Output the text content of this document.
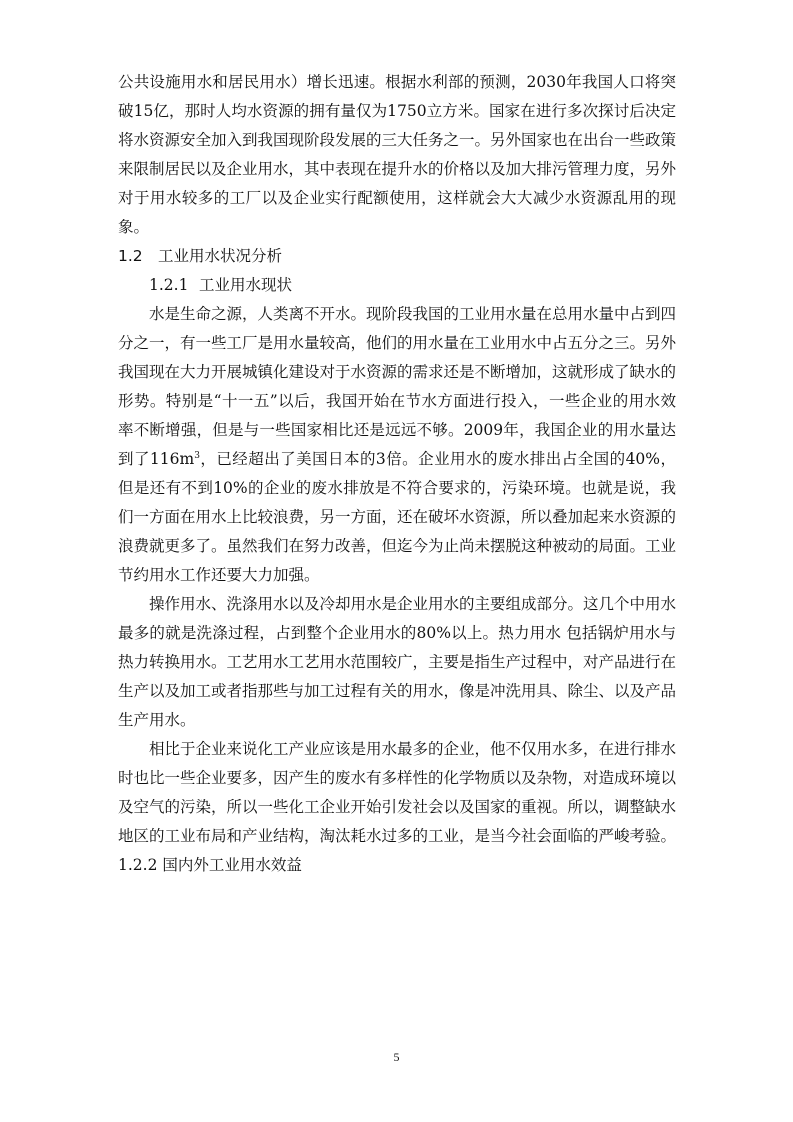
公共设施用水和居民用水）增长迅速。根据水利部的预测，2030年我国人口将突破15亿，那时人均水资源的拥有量仅为1750立方米。国家在进行多次探讨后决定将水资源安全加入到我国现阶段发展的三大任务之一。另外国家也在出台一些政策来限制居民以及企业用水，其中表现在提升水的价格以及加大排污管理力度，另外对于用水较多的工厂以及企业实行配额使用，这样就会大大减少水资源乱用的现象。

1.2 工业用水状况分析

1.2.1 工业用水现状

水是生命之源，人类离不开水。现阶段我国的工业用水量在总用水量中占到四分之一，有一些工厂是用水量较高，他们的用水量在工业用水中占五分之三。另外我国现在大力开展城镇化建设对于水资源的需求还是不断增加，这就形成了缺水的形势。特别是“十一五”以后，我国开始在节水方面进行投入，一些企业的用水效率不断增强，但是与一些国家相比还是远远不够。2009年，我国企业的用水量达到了$116m^3$，已经超出了美国日本的3倍。企业用水的废水排出占全国的40%，但是还有不到10%的企业的废水排放是不符合要求的，污染环境。也就是说，我们一方面在用水上比较浪费，另一方面，还在破坏水资源，所以叠加起来水资源的浪费就更多了。虽然我们在努力改善，但迄今为止尚未摆脱这种被动的局面。工业节约用水工作还要大力加强。

操作用水、洗涤用水以及冷却用水是企业用水的主要组成部分。这几个中用水最多的就是洗涤过程，占到整个企业用水的80%以上。热力用水 包括锅炉用水与热力转换用水。工艺用水工艺用水范围较广，主要是指生产过程中，对产品进行在生产以及加工或者指那些与加工过程有关的用水，像是冲洗用具、除尘、以及产品生产用水。

相比于企业来说化工产业应该是用水最多的企业，他不仅用水多，在进行排水时也比一些企业要多，因产生的废水有多样性的化学物质以及杂物，对造成环境以及空气的污染，所以一些化工企业开始引发社会以及国家的重视。所以，调整缺水地区的工业布局和产业结构，淘汰耗水过多的工业，是当今社会面临的严峻考验。

1.2.2 国内外工业用水效益

5
